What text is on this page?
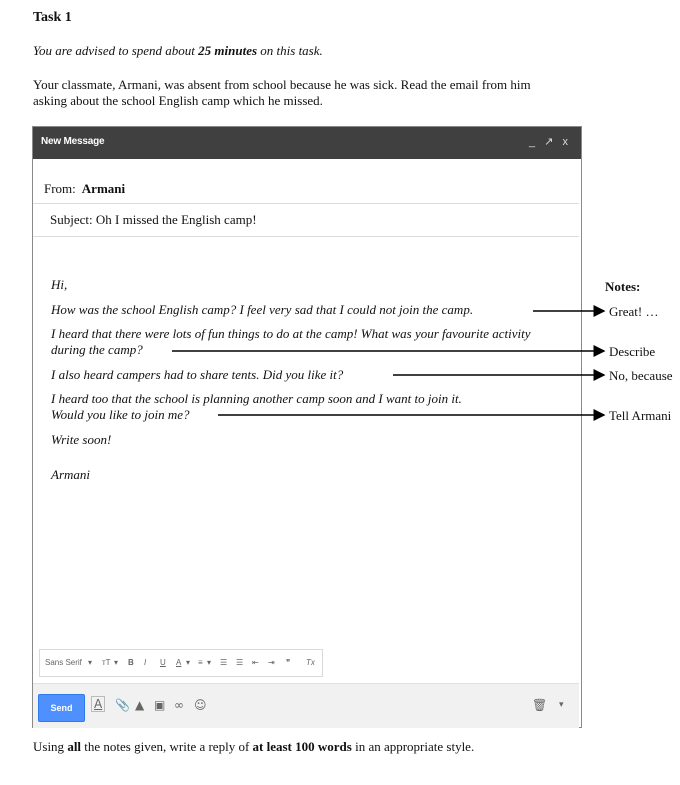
Task 1
You are advised to spend about 25 minutes on this task.
Your classmate, Armani, was absent from school because he was sick. Read the email from him
asking about the school English camp which he missed.
New Message	_ ↗ x
From: Armani
Subject: Oh I missed the English camp!
Hi,
How was the school English camp? I feel very sad that I could not join the camp.
I heard that there were lots of fun things to do at the camp! What was your favourite activity
during the camp?
I also heard campers had to share tents. Did you like it?
I heard too that the school is planning another camp soon and I want to join it.
Would you like to join me?
Write soon!
Armani
Sans Serif ▾ ᴛT ▾ B I U A ▾ ≡ ▾ ☰ ☰ ⇤ ⇥ ❞ Tx
Send	A 📎 ▲ ▣ ∞ ☺	🗑 ▾
Notes:
Great! …
Describe
No, because
Tell Armani
Using all the notes given, write a reply of at least 100 words in an appropriate style.
